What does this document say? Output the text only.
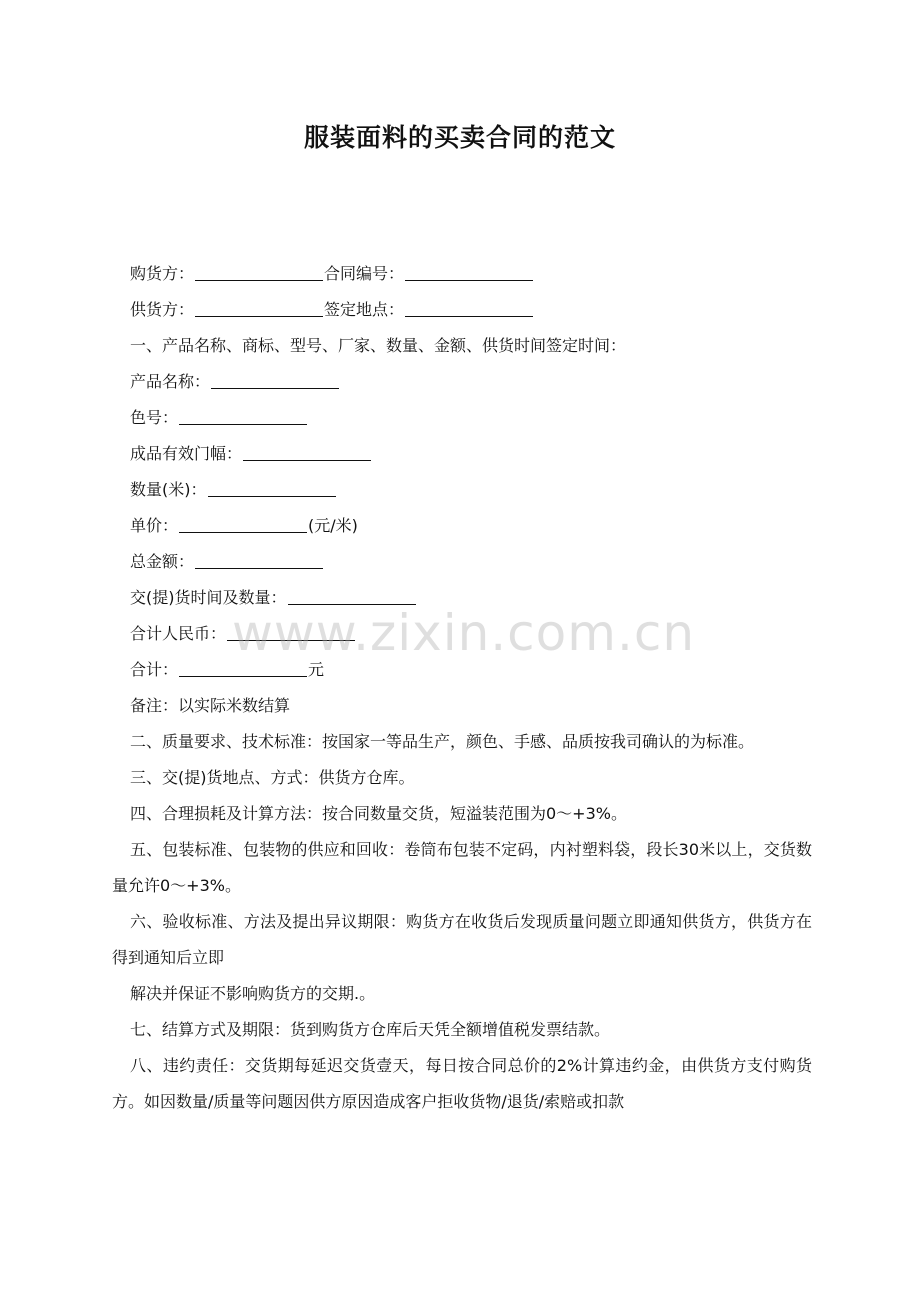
服装面料的买卖合同的范文

购货方：	合同编号：

供货方：	签定地点：

一、产品名称、商标、型号、厂家、数量、金额、供货时间签定时间：

产品名称：

色号：

成品有效门幅：

数量(米)：

单价：	(元/米)

总金额：

交(提)货时间及数量：

合计人民币：

合计：	元

备注：以实际米数结算

二、质量要求、技术标准：按国家一等品生产，颜色、手感、品质按我司确认的为标准。

三、交(提)货地点、方式：供货方仓库。

四、合理损耗及计算方法：按合同数量交货，短溢装范围为0～+3%。

五、包装标准、包装物的供应和回收：卷筒布包装不定码，内衬塑料袋，段长30米以上，交货数量允许0～+3%。

六、验收标准、方法及提出异议期限：购货方在收货后发现质量问题立即通知供货方，供货方在得到通知后立即

解决并保证不影响购货方的交期.。

七、结算方式及期限：货到购货方仓库后天凭全额增值税发票结款。

八、违约责任：交货期每延迟交货壹天，每日按合同总价的2%计算违约金，由供货方支付购货方。如因数量/质量等问题因供方原因造成客户拒收货物/退货/索赔或扣款

www.zixin.com.cn
